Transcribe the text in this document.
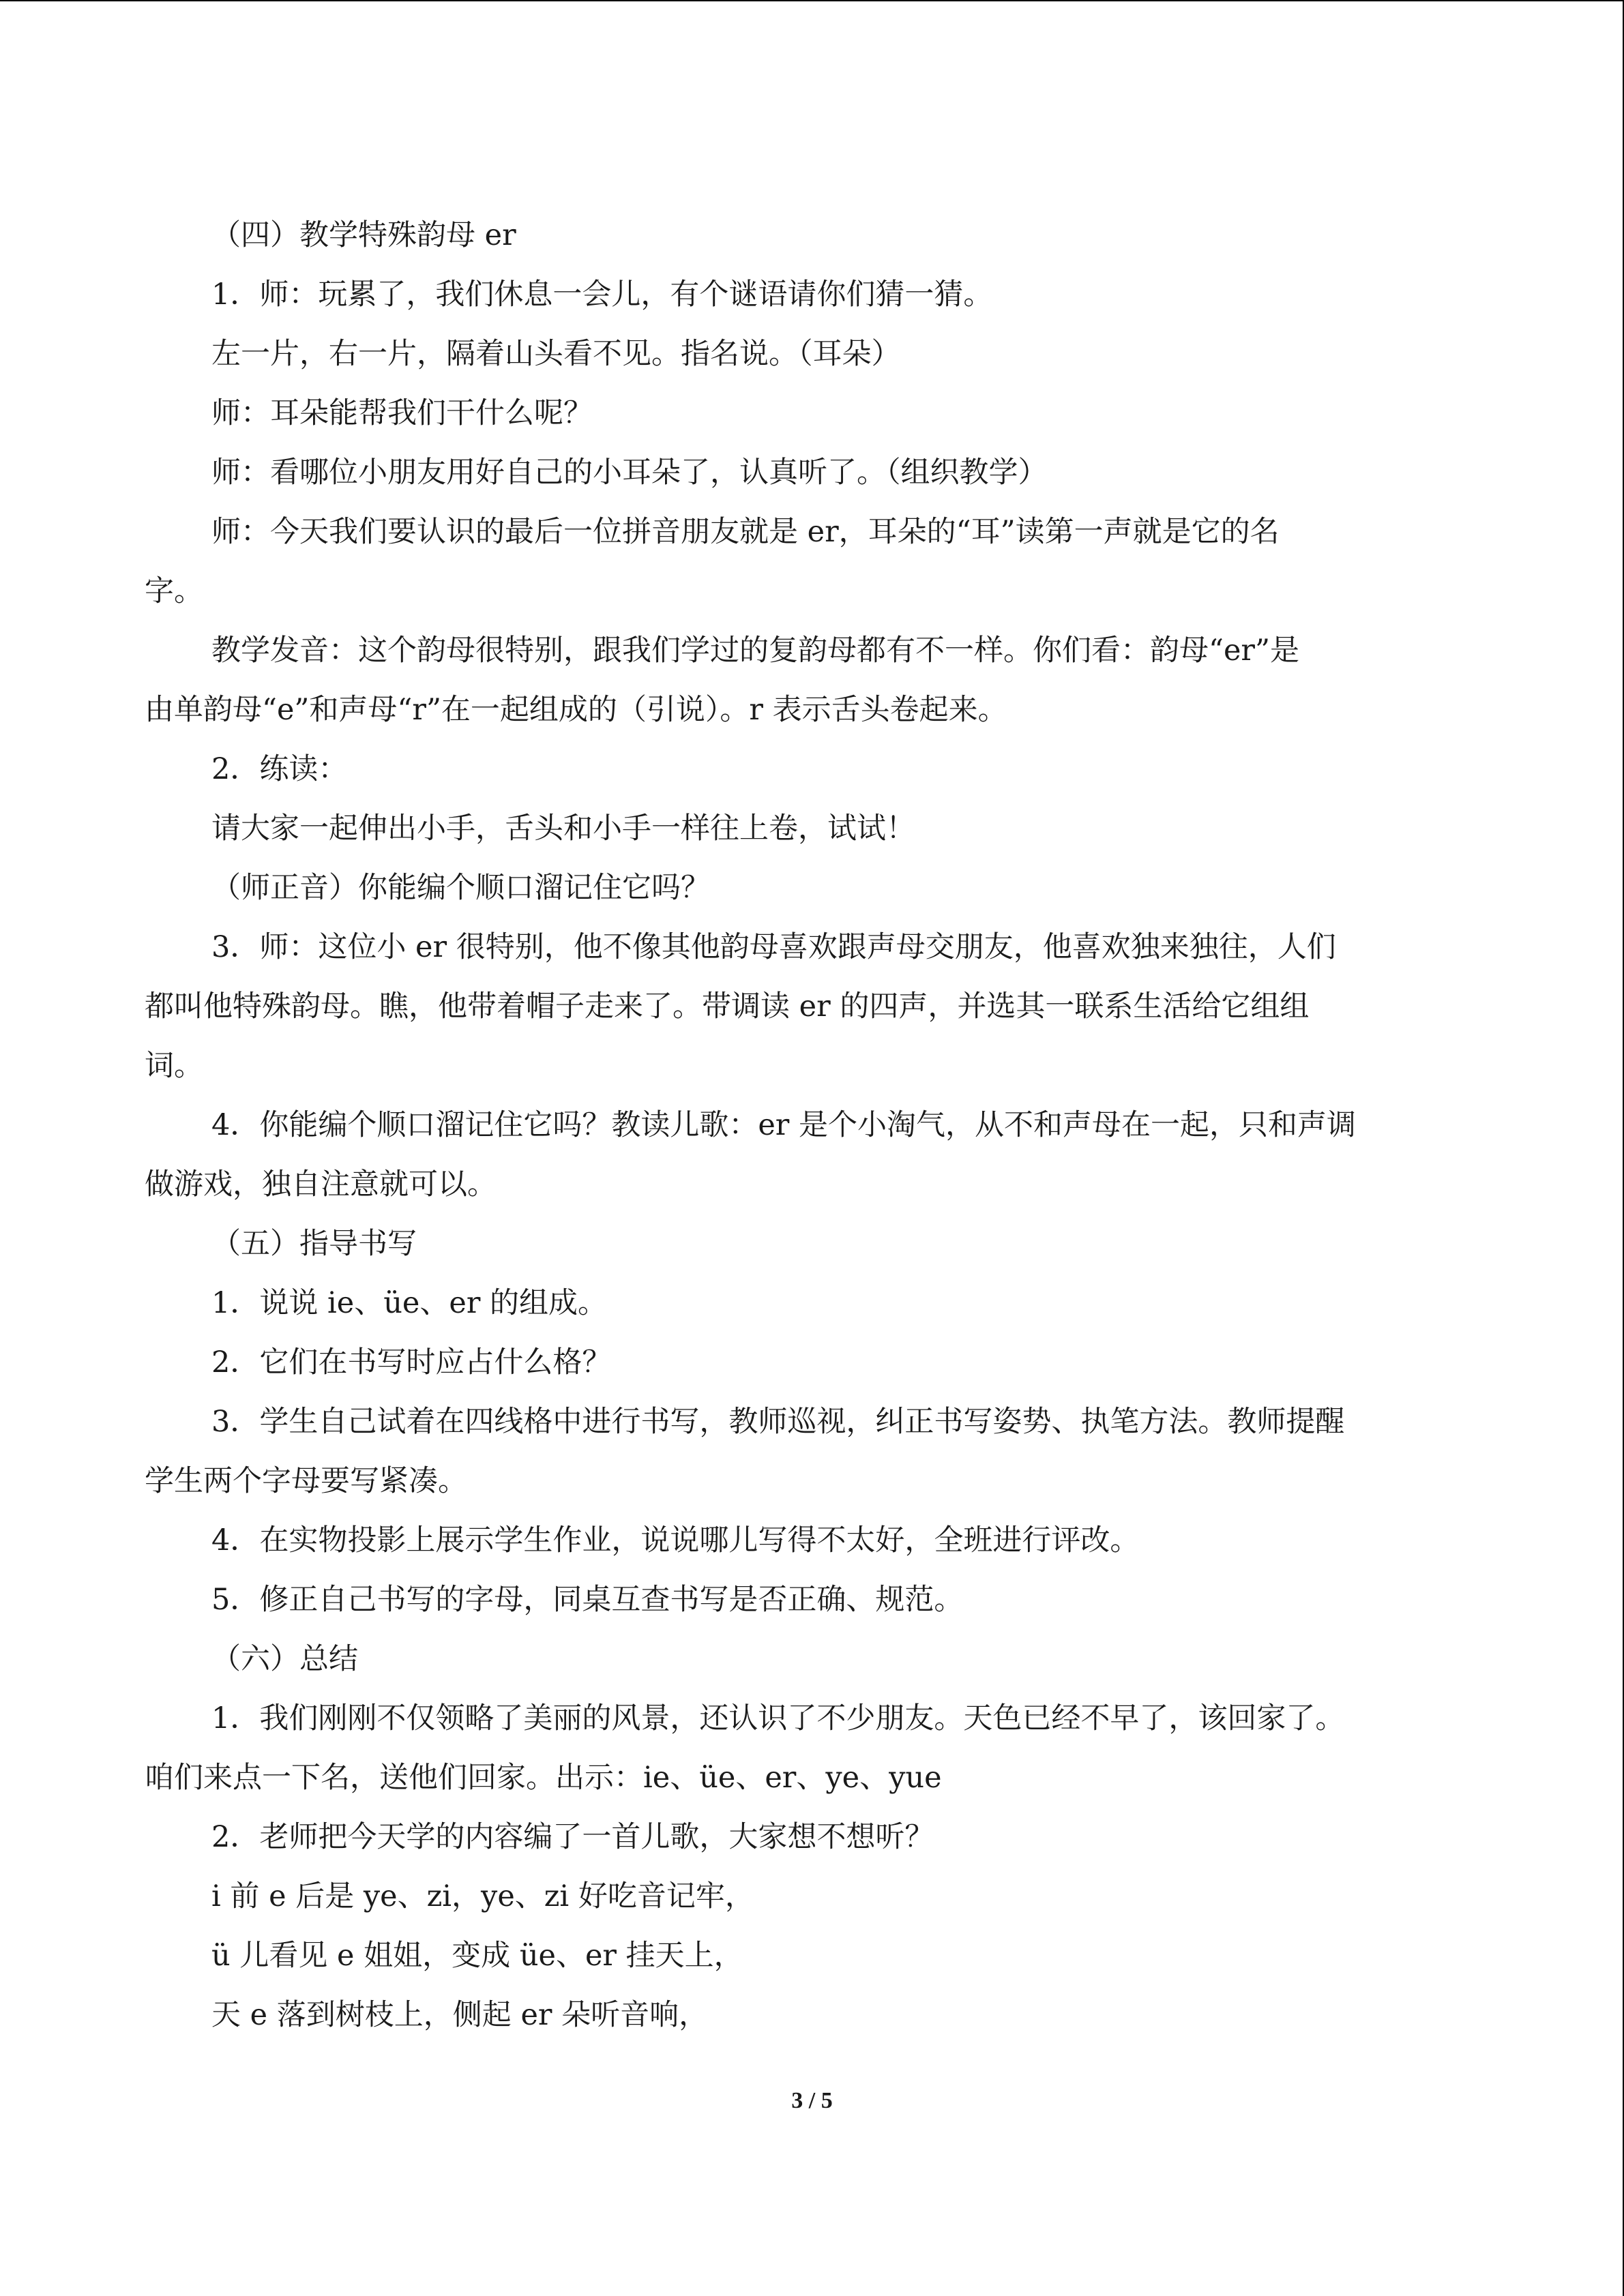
（四）教学特殊韵母 er
1．师：玩累了，我们休息一会儿，有个谜语请你们猜一猜。
左一片，右一片，隔着山头看不见。指名说。（耳朵）
师：耳朵能帮我们干什么呢？
师：看哪位小朋友用好自己的小耳朵了，认真听了。（组织教学）
师：今天我们要认识的最后一位拼音朋友就是 er，耳朵的“耳”读第一声就是它的名
字。
教学发音：这个韵母很特别，跟我们学过的复韵母都有不一样。你们看：韵母“er”是
由单韵母“e”和声母“r”在一起组成的（引说）。r 表示舌头卷起来。
2．练读：
请大家一起伸出小手，舌头和小手一样往上卷，试试！
（师正音）你能编个顺口溜记住它吗？
3．师：这位小 er 很特别，他不像其他韵母喜欢跟声母交朋友，他喜欢独来独往，人们
都叫他特殊韵母。瞧，他带着帽子走来了。带调读 er 的四声，并选其一联系生活给它组组
词。
4．你能编个顺口溜记住它吗？教读儿歌：er 是个小淘气，从不和声母在一起，只和声调
做游戏，独自注意就可以。
（五）指导书写
1．说说 ie、üe、er 的组成。
2．它们在书写时应占什么格？
3．学生自己试着在四线格中进行书写，教师巡视，纠正书写姿势、执笔方法。教师提醒
学生两个字母要写紧凑。
4．在实物投影上展示学生作业，说说哪儿写得不太好，全班进行评改。
5．修正自己书写的字母，同桌互查书写是否正确、规范。
（六）总结
1．我们刚刚不仅领略了美丽的风景，还认识了不少朋友。天色已经不早了，该回家了。
咱们来点一下名，送他们回家。出示：ie、üe、er、ye、yue
2．老师把今天学的内容编了一首儿歌，大家想不想听？
i 前 e 后是 ye、zi，ye、zi 好吃音记牢，
ü 儿看见 e 姐姐，变成 üe、er 挂天上，
天 e 落到树枝上，侧起 er 朵听音响，
3 / 5
